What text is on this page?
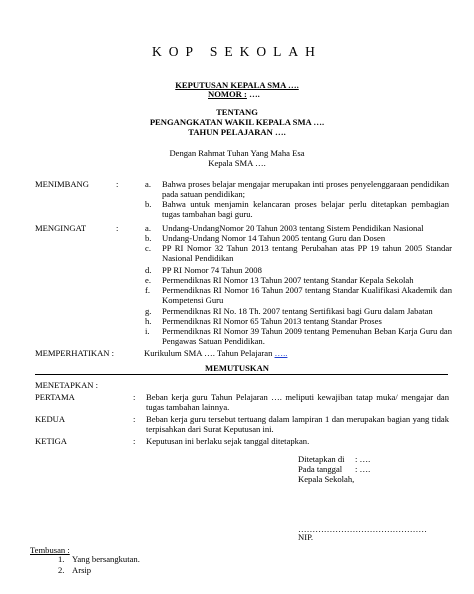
KOP SEKOLAH
KEPUTUSAN KEPALA SMA ….
NOMOR : ….
TENTANG
PENGANGKATAN WAKIL KEPALA SMA ….
TAHUN PELAJARAN ….
Dengan Rahmat Tuhan Yang Maha Esa
Kepala SMA ….
MENIMBANG	:	a. Bahwa proses belajar mengajar merupakan inti proses penyelenggaraan pendidikan pada satuan pendidikan;
b. Bahwa untuk menjamin kelancaran proses belajar perlu ditetapkan pembagian tugas tambahan bagi guru.
MENGINGAT	:	a. Undang-UndangNomor 20 Tahun 2003 tentang Sistem Pendidikan Nasional
b. Undang-Undang Nomor 14 Tahun 2005 tentang Guru dan Dosen
c. PP RI Nomor 32 Tahun 2013 tentang Perubahan atas PP 19 tahun 2005 Standar Nasional Pendidikan
d. PP RI Nomor 74 Tahun 2008
e. Permendiknas RI Nomor 13 Tahun 2007 tentang Standar Kepala Sekolah
f. Permendiknas RI Nomor 16 Tahun 2007 tentang Standar Kualifikasi Akademik dan Kompetensi Guru
g. Permendiknas RI No. 18 Th. 2007 tentang Sertifikasi bagi Guru dalam Jabatan
h. Permendiknas RI Nomor 65 Tahun 2013 tentang Standar Proses
i. Permendiknas RI Nomor 39 Tahun 2009 tentang Pemenuhan Beban Karja Guru dan Pengawas Satuan Pendidikan.
MEMPERHATIKAN :	Kurikulum SMA …. Tahun Pelajaran …..
MEMUTUSKAN
MENETAPKAN :
PERTAMA	: Beban kerja guru Tahun Pelajaran …. meliputi kewajiban tatap muka/ mengajar dan tugas tambahan lainnya.
KEDUA	: Beban kerja guru tersebut tertuang dalam lampiran 1 dan merupakan bagian yang tidak terpisahkan dari Surat Keputusan ini.
KETIGA	: Keputusan ini berlaku sejak tanggal ditetapkan.
Ditetapkan di : ….
Pada tanggal : ….
Kepala Sekolah,
………………………………………
NIP.
Tembusan :
1. Yang bersangkutan.
2. Arsip
